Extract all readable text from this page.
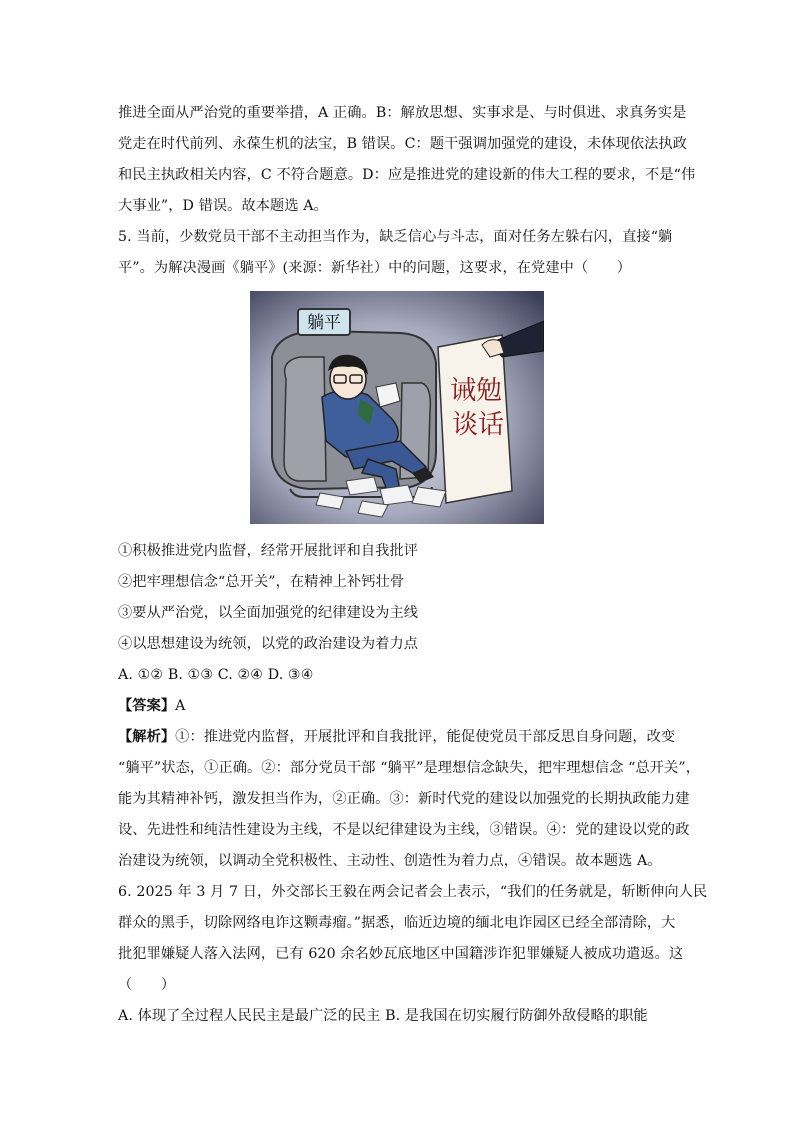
推进全面从严治党的重要举措，A 正确。B：解放思想、实事求是、与时俱进、求真务实是
党走在时代前列、永葆生机的法宝，B 错误。C：题干强调加强党的建设，未体现依法执政
和民主执政相关内容，C 不符合题意。D：应是推进党的建设新的伟大工程的要求，不是“伟
大事业”，D 错误。故本题选 A。
5. 当前，少数党员干部不主动担当作为，缺乏信心与斗志，面对任务左躲右闪，直接“躺
平”。为解决漫画《躺平》(来源：新华社）中的问题，这要求，在党建中（　　）
躺平
诫勉
谈话
①积极推进党内监督，经常开展批评和自我批评
②把牢理想信念“总开关”，在精神上补钙壮骨
③要从严治党，以全面加强党的纪律建设为主线
④以思想建设为统领，以党的政治建设为着力点
A. ①② B. ①③ C. ②④ D. ③④
【答案】A
【解析】①：推进党内监督，开展批评和自我批评，能促使党员干部反思自身问题，改变
“躺平”状态，①正确。②：部分党员干部 “躺平”是理想信念缺失，把牢理想信念 “总开关”，
能为其精神补钙，激发担当作为，②正确。③：新时代党的建设以加强党的长期执政能力建
设、先进性和纯洁性建设为主线，不是以纪律建设为主线，③错误。④：党的建设以党的政
治建设为统领，以调动全党积极性、主动性、创造性为着力点，④错误。故本题选 A。
6. 2025 年 3 月 7 日，外交部长王毅在两会记者会上表示，“我们的任务就是，斩断伸向人民
群众的黑手，切除网络电诈这颗毒瘤。”据悉，临近边境的缅北电诈园区已经全部清除，大
批犯罪嫌疑人落入法网，已有 620 余名妙瓦底地区中国籍涉诈犯罪嫌疑人被成功遣返。这
（　　）
A. 体现了全过程人民民主是最广泛的民主 B. 是我国在切实履行防御外敌侵略的职能
